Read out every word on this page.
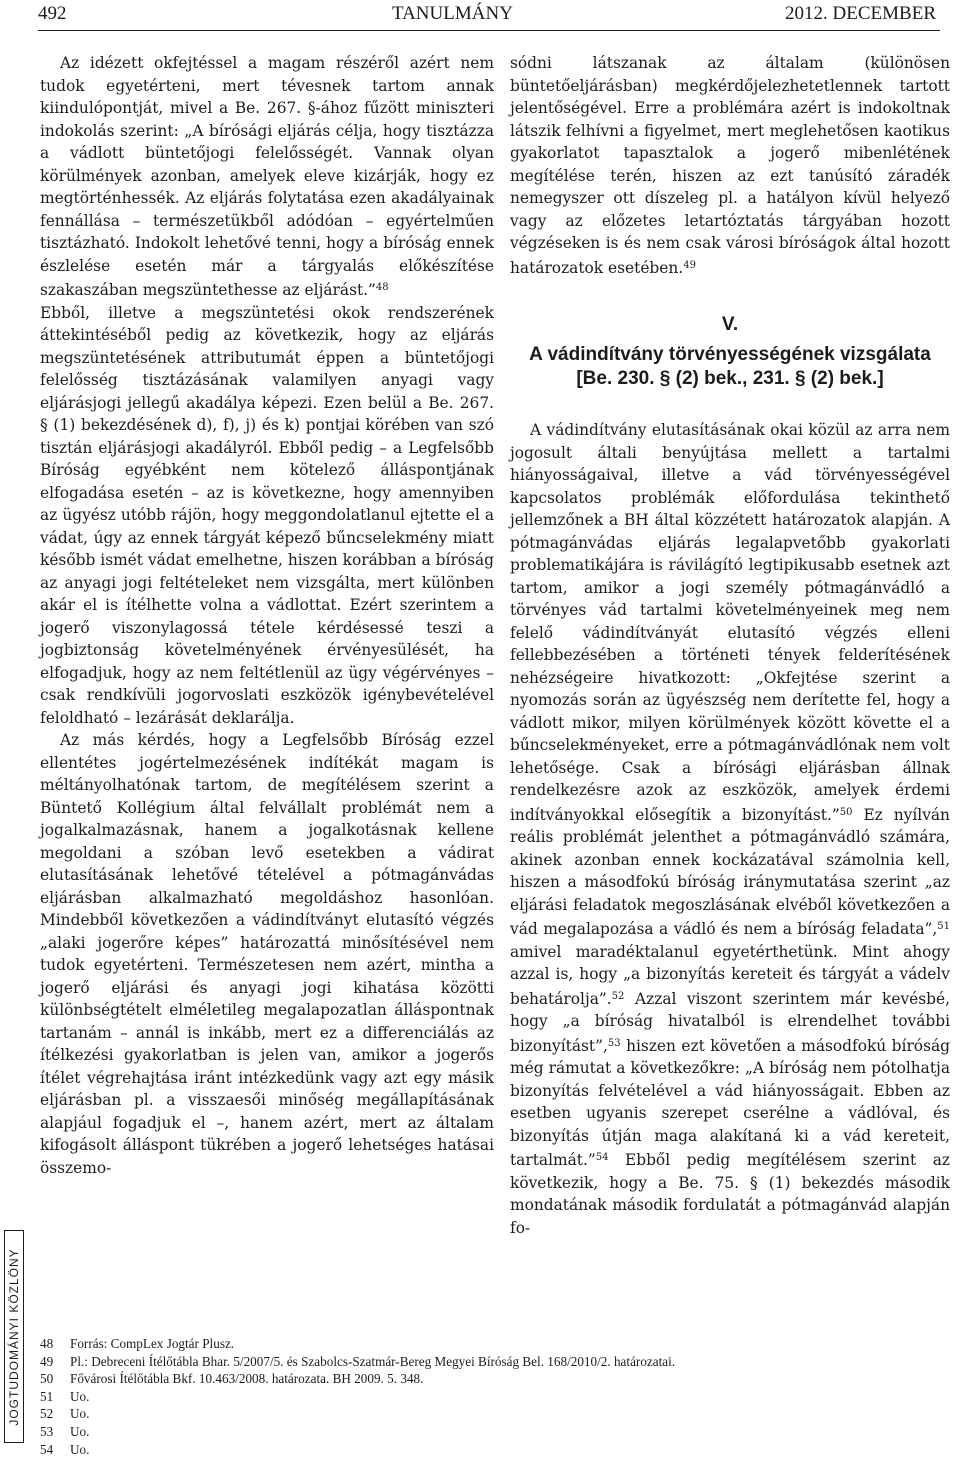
492	TANULMÁNY	2012. DECEMBER

Az idézett okfejtéssel a magam részéről azért nem tudok egyetérteni, mert tévesnek tartom annak kiindulópontját, mivel a Be. 267. §-ához fűzött miniszteri indokolás szerint: „A bírósági eljárás célja, hogy tisztázza a vádlott büntetőjogi felelősségét. Vannak olyan körülmények azonban, amelyek eleve kizárják, hogy ez megtörténhessék. Az eljárás folytatása ezen akadályainak fennállása – természetükből adódóan – egyértelműen tisztázható. Indokolt lehetővé tenni, hogy a bíróság ennek észlelése esetén már a tárgyalás előkészítése szakaszában megszüntethesse az eljárást.”$^{48}$

Ebből, illetve a megszüntetési okok rendszerének áttekintéséből pedig az következik, hogy az eljárás megszüntetésének attributumát éppen a büntetőjogi felelősség tisztázásának valamilyen anyagi vagy eljárásjogi jellegű akadálya képezi. Ezen belül a Be. 267. § (1) bekezdésének d), f), j) és k) pontjai körében van szó tisztán eljárásjogi akadályról. Ebből pedig – a Legfelsőbb Bíróság egyébként nem kötelező álláspontjának elfogadása esetén – az is következne, hogy amennyiben az ügyész utóbb rájön, hogy meggondolatlanul ejtette el a vádat, úgy az ennek tárgyát képező bűncselekmény miatt később ismét vádat emelhetne, hiszen korábban a bíróság az anyagi jogi feltételeket nem vizsgálta, mert különben akár el is ítélhette volna a vádlottat. Ezért szerintem a jogerő viszonylagossá tétele kérdésessé teszi a jogbiztonság követelményének érvényesülését, ha elfogadjuk, hogy az nem feltétlenül az ügy végérvényes – csak rendkívüli jogorvoslati eszközök igénybevételével feloldható – lezárását deklarálja.

Az más kérdés, hogy a Legfelsőbb Bíróság ezzel ellentétes jogértelmezésének indítékát magam is méltányolhatónak tartom, de megítélésem szerint a Büntető Kollégium által felvállalt problémát nem a jogalkalmazásnak, hanem a jogalkotásnak kellene megoldani a szóban levő esetekben a vádirat elutasításának lehetővé tételével a pótmagánvádas eljárásban alkalmazható megoldáshoz hasonlóan. Mindebből következően a vádindítványt elutasító végzés „alaki jogerőre képes” határozattá minősítésével nem tudok egyetérteni. Természetesen nem azért, mintha a jogerő eljárási és anyagi jogi kihatása közötti különbségtételt elméletileg megalapozatlan álláspontnak tartanám – annál is inkább, mert ez a differenciálás az ítélkezési gyakorlatban is jelen van, amikor a jogerős ítélet végrehajtása iránt intézkedünk vagy azt egy másik eljárásban pl. a visszaesői minőség megállapításának alapjául fogadjuk el –, hanem azért, mert az általam kifogásolt álláspont tükrében a jogerő lehetséges hatásai összemo-

sódni látszanak az általam (különösen büntetőeljárásban) megkérdőjelezhetetlennek tartott jelentőségével. Erre a problémára azért is indokoltnak látszik felhívni a figyelmet, mert meglehetősen kaotikus gyakorlatot tapasztalok a jogerő mibenlétének megítélése terén, hiszen az ezt tanúsító záradék nemegyszer ott díszeleg pl. a hatályon kívül helyező vagy az előzetes letartóztatás tárgyában hozott végzéseken is és nem csak városi bíróságok által hozott határozatok esetében.$^{49}$

V.
A vádindítvány törvényességének vizsgálata [Be. 230. § (2) bek., 231. § (2) bek.]

A vádindítvány elutasításának okai közül az arra nem jogosult általi benyújtása mellett a tartalmi hiányosságaival, illetve a vád törvényességével kapcsolatos problémák előfordulása tekinthető jellemzőnek a BH által közzétett határozatok alapján. A pótmagánvádas eljárás legalapvetőbb gyakorlati problematikájára is rávilágító legtipikusabb esetnek azt tartom, amikor a jogi személy pótmagánvádló a törvényes vád tartalmi követelményeinek meg nem felelő vádindítványát elutasító végzés elleni fellebbezésében a történeti tények felderítésének nehézségeire hivatkozott: „Okfejtése szerint a nyomozás során az ügyészség nem derítette fel, hogy a vádlott mikor, milyen körülmények között követte el a bűncselekményeket, erre a pótmagánvádlónak nem volt lehetősége. Csak a bírósági eljárásban állnak rendelkezésre azok az eszközök, amelyek érdemi indítványokkal elősegítik a bizonyítást.”$^{50}$ Ez nyílván reális problémát jelenthet a pótmagánvádló számára, akinek azonban ennek kockázatával számolnia kell, hiszen a másodfokú bíróság iránymutatása szerint „az eljárási feladatok megoszlásának elvéből következően a vád megalapozása a vádló és nem a bíróság feladata”,$^{51}$ amivel maradéktalanul egyetérthetünk. Mint ahogy azzal is, hogy „a bizonyítás kereteit és tárgyát a vádelv behatárolja”.$^{52}$ Azzal viszont szerintem már kevésbé, hogy „a bíróság hivatalból is elrendelhet további bizonyítást”,$^{53}$ hiszen ezt követően a másodfokú bíróság még rámutat a következőkre: „A bíróság nem pótolhatja bizonyítás felvételével a vád hiányosságait. Ebben az esetben ugyanis szerepet cserélne a vádlóval, és bizonyítás útján maga alakítaná ki a vád kereteit, tartalmát.”$^{54}$ Ebből pedig megítélésem szerint az következik, hogy a Be. 75. § (1) bekezdés második mondatának második fordulatát a pótmagánvád alapján fo-

JOGTUDOMÁNYI KÖZLÖNY 48 Forrás: CompLex Jogtár Plusz.
49 Pl.: Debreceni Ítélőtábla Bhar. 5/2007/5. és Szabolcs-Szatmár-Bereg Megyei Bíróság Bel. 168/2010/2. határozatai.
50 Fővárosi Ítélőtábla Bkf. 10.463/2008. határozata. BH 2009. 5. 348.
51 Uo.
52 Uo.
53 Uo.
54 Uo.
